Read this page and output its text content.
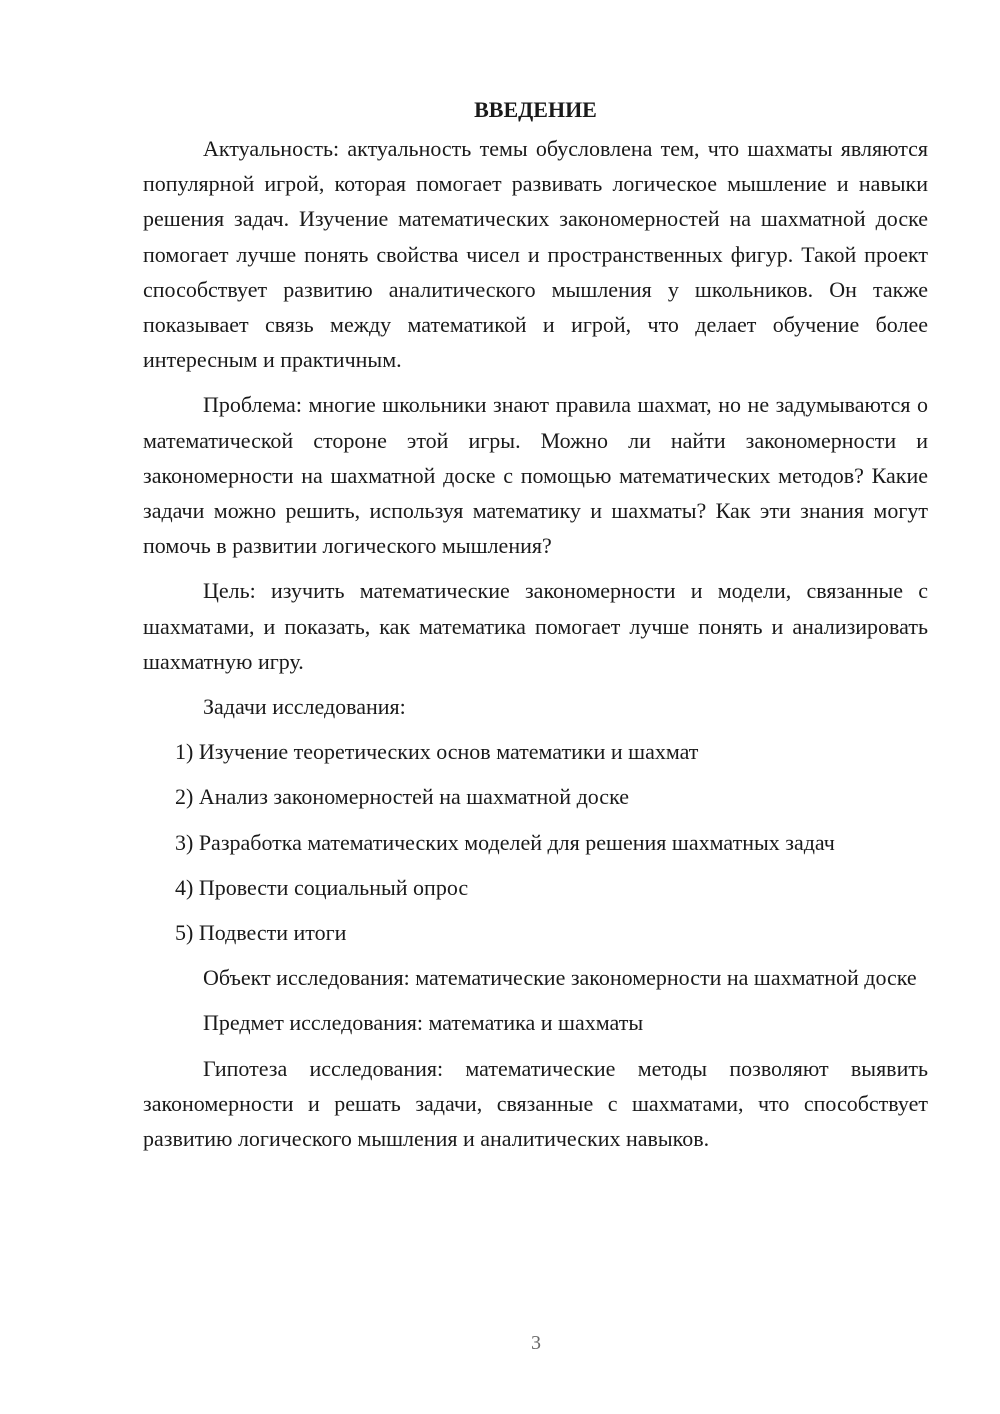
ВВЕДЕНИЕ

Актуальность: актуальность темы обусловлена тем, что шахматы являются популярной игрой, которая помогает развивать логическое мышление и навыки решения задач. Изучение математических закономерностей на шахматной доске помогает лучше понять свойства чисел и пространственных фигур. Такой проект способствует развитию аналитического мышления у школьников. Он также показывает связь между математикой и игрой, что делает обучение более интересным и практичным.

Проблема: многие школьники знают правила шахмат, но не задумываются о математической стороне этой игры. Можно ли найти закономерности и закономерности на шахматной доске с помощью математических методов? Какие задачи можно решить, используя математику и шахматы? Как эти знания могут помочь в развитии логического мышления?

Цель: изучить математические закономерности и модели, связанные с шахматами, и показать, как математика помогает лучше понять и анализировать шахматную игру.

Задачи исследования:

1) Изучение теоретических основ математики и шахмат
2) Анализ закономерностей на шахматной доске
3) Разработка математических моделей для решения шахматных задач
4) Провести социальный опрос
5) Подвести итоги

Объект исследования: математические закономерности на шахматной доске

Предмет исследования: математика и шахматы

Гипотеза исследования: математические методы позволяют выявить закономерности и решать задачи, связанные с шахматами, что способствует развитию логического мышления и аналитических навыков.

3
